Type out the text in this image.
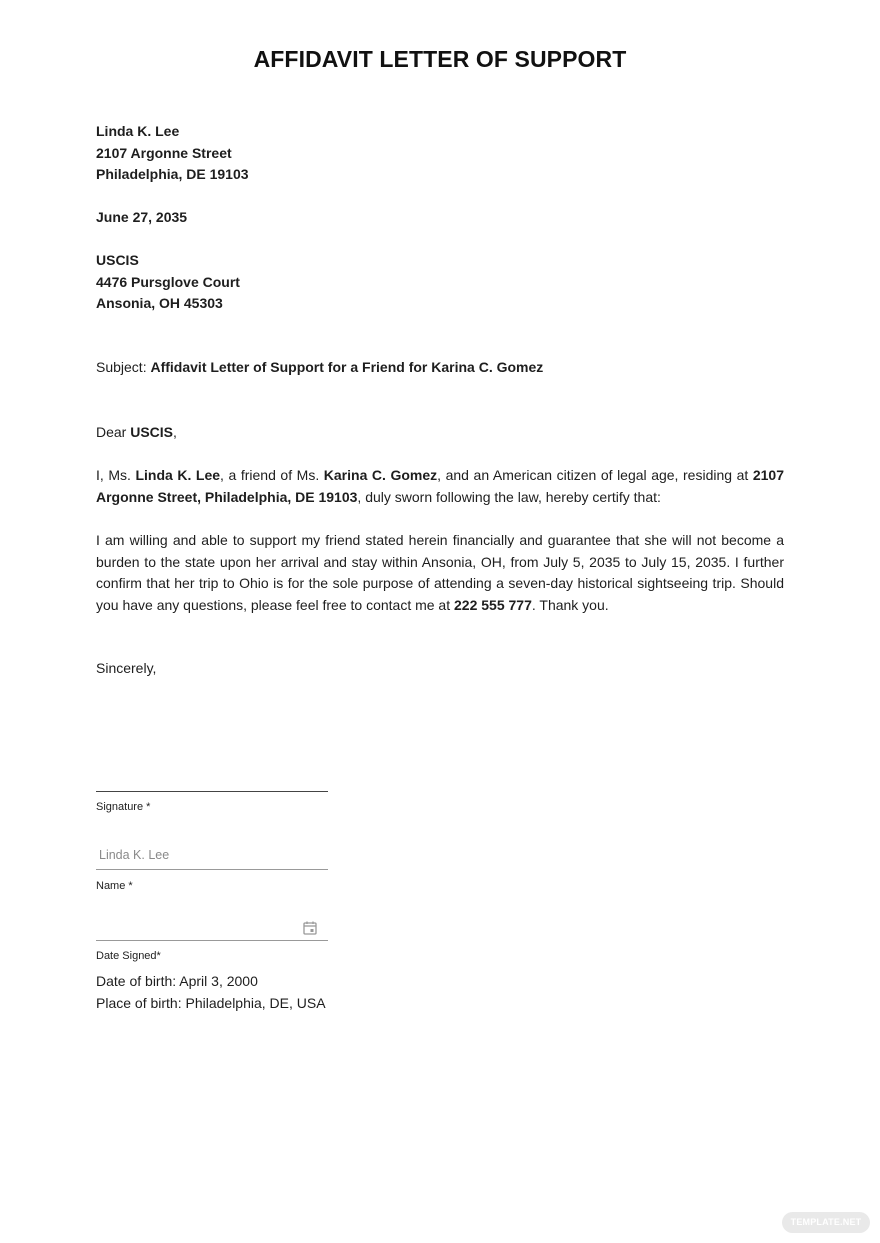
AFFIDAVIT LETTER OF SUPPORT
Linda K. Lee
2107 Argonne Street
Philadelphia, DE 19103
June 27, 2035
USCIS
4476 Pursglove Court
Ansonia, OH 45303
Subject: Affidavit Letter of Support for a Friend for Karina C. Gomez
Dear USCIS,
I, Ms. Linda K. Lee, a friend of Ms. Karina C. Gomez, and an American citizen of legal age, residing at 2107 Argonne Street, Philadelphia, DE 19103, duly sworn following the law, hereby certify that:
I am willing and able to support my friend stated herein financially and guarantee that she will not become a burden to the state upon her arrival and stay within Ansonia, OH, from July 5, 2035 to July 15, 2035. I further confirm that her trip to Ohio is for the sole purpose of attending a seven-day historical sightseeing trip. Should you have any questions, please feel free to contact me at 222 555 777. Thank you.
Sincerely,
Signature *
Linda K. Lee
Name *
Date Signed*
Date of birth: April 3, 2000
Place of birth: Philadelphia, DE, USA
TEMPLATE.NET
